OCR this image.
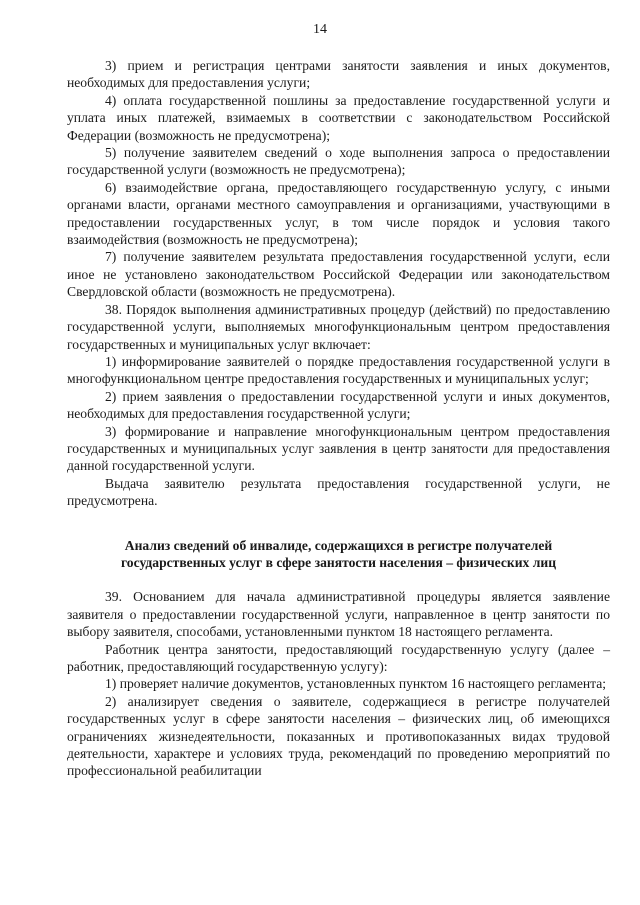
14

3) прием и регистрация центрами занятости заявления и иных документов, необходимых для предоставления услуги;

4) оплата государственной пошлины за предоставление государственной услуги и уплата иных платежей, взимаемых в соответствии с законодательством Российской Федерации (возможность не предусмотрена);

5) получение заявителем сведений о ходе выполнения запроса о предоставлении государственной услуги (возможность не предусмотрена);

6) взаимодействие органа, предоставляющего государственную услугу, с иными органами власти, органами местного самоуправления и организациями, участвующими в предоставлении государственных услуг, в том числе порядок и условия такого взаимодействия (возможность не предусмотрена);

7) получение заявителем результата предоставления государственной услуги, если иное не установлено законодательством Российской Федерации или законодательством Свердловской области (возможность не предусмотрена).

38. Порядок выполнения административных процедур (действий) по предоставлению государственной услуги, выполняемых многофункциональным центром предоставления государственных и муниципальных услуг включает:

1) информирование заявителей о порядке предоставления государственной услуги в многофункциональном центре предоставления государственных и муниципальных услуг;

2) прием заявления о предоставлении государственной услуги и иных документов, необходимых для предоставления государственной услуги;

3) формирование и направление многофункциональным центром предоставления государственных и муниципальных услуг заявления в центр занятости для предоставления данной государственной услуги.

Выдача заявителю результата предоставления государственной услуги, не предусмотрена.

Анализ сведений об инвалиде, содержащихся в регистре получателей государственных услуг в сфере занятости населения – физических лиц

39. Основанием для начала административной процедуры является заявление заявителя о предоставлении государственной услуги, направленное в центр занятости по выбору заявителя, способами, установленными пунктом 18 настоящего регламента.

Работник центра занятости, предоставляющий государственную услугу (далее – работник, предоставляющий государственную услугу):

1) проверяет наличие документов, установленных пунктом 16 настоящего регламента;

2) анализирует сведения о заявителе, содержащиеся в регистре получателей государственных услуг в сфере занятости населения – физических лиц, об имеющихся ограничениях жизнедеятельности, показанных и противопоказанных видах трудовой деятельности, характере и условиях труда, рекомендаций по проведению мероприятий по профессиональной реабилитации
